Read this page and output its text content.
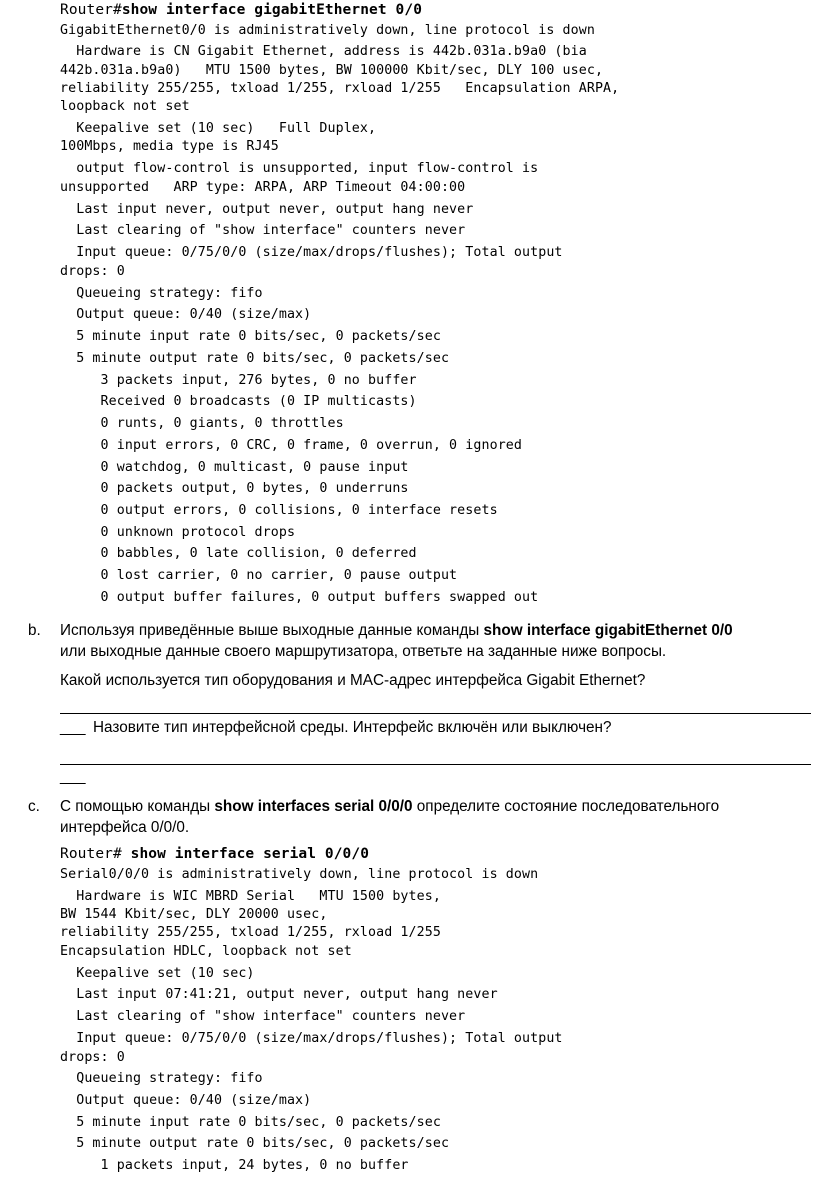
Router#show interface gigabitEthernet 0/0
GigabitEthernet0/0 is administratively down, line protocol is down
Hardware is CN Gigabit Ethernet, address is 442b.031a.b9a0 (bia
442b.031a.b9a0)   MTU 1500 bytes, BW 100000 Kbit/sec, DLY 100 usec,
reliability 255/255, txload 1/255, rxload 1/255   Encapsulation ARPA,
loopback not set
Keepalive set (10 sec)   Full Duplex,
100Mbps, media type is RJ45
output flow-control is unsupported, input flow-control is
unsupported   ARP type: ARPA, ARP Timeout 04:00:00
Last input never, output never, output hang never
Last clearing of "show interface" counters never
Input queue: 0/75/0/0 (size/max/drops/flushes); Total output
drops: 0
Queueing strategy: fifo
Output queue: 0/40 (size/max)
5 minute input rate 0 bits/sec, 0 packets/sec
5 minute output rate 0 bits/sec, 0 packets/sec
3 packets input, 276 bytes, 0 no buffer
Received 0 broadcasts (0 IP multicasts)
0 runts, 0 giants, 0 throttles
0 input errors, 0 CRC, 0 frame, 0 overrun, 0 ignored
0 watchdog, 0 multicast, 0 pause input
0 packets output, 0 bytes, 0 underruns
0 output errors, 0 collisions, 0 interface resets
0 unknown protocol drops
0 babbles, 0 late collision, 0 deferred
0 lost carrier, 0 no carrier, 0 pause output
0 output buffer failures, 0 output buffers swapped out
b. Используя приведённые выше выходные данные команды show interface gigabitEthernet 0/0
или выходные данные своего маршрутизатора, ответьте на заданные ниже вопросы.
Какой используется тип оборудования и MAC-адрес интерфейса Gigabit Ethernet?
___ Назовите тип интерфейсной среды. Интерфейс включён или выключен?
___
c. С помощью команды show interfaces serial 0/0/0 определите состояние последовательного
интерфейса 0/0/0.
Router# show interface serial 0/0/0
Serial0/0/0 is administratively down, line protocol is down
Hardware is WIC MBRD Serial   MTU 1500 bytes,
BW 1544 Kbit/sec, DLY 20000 usec,
reliability 255/255, txload 1/255, rxload 1/255
Encapsulation HDLC, loopback not set
Keepalive set (10 sec)
Last input 07:41:21, output never, output hang never
Last clearing of "show interface" counters never
Input queue: 0/75/0/0 (size/max/drops/flushes); Total output
drops: 0
Queueing strategy: fifo
Output queue: 0/40 (size/max)
5 minute input rate 0 bits/sec, 0 packets/sec
5 minute output rate 0 bits/sec, 0 packets/sec
1 packets input, 24 bytes, 0 no buffer
